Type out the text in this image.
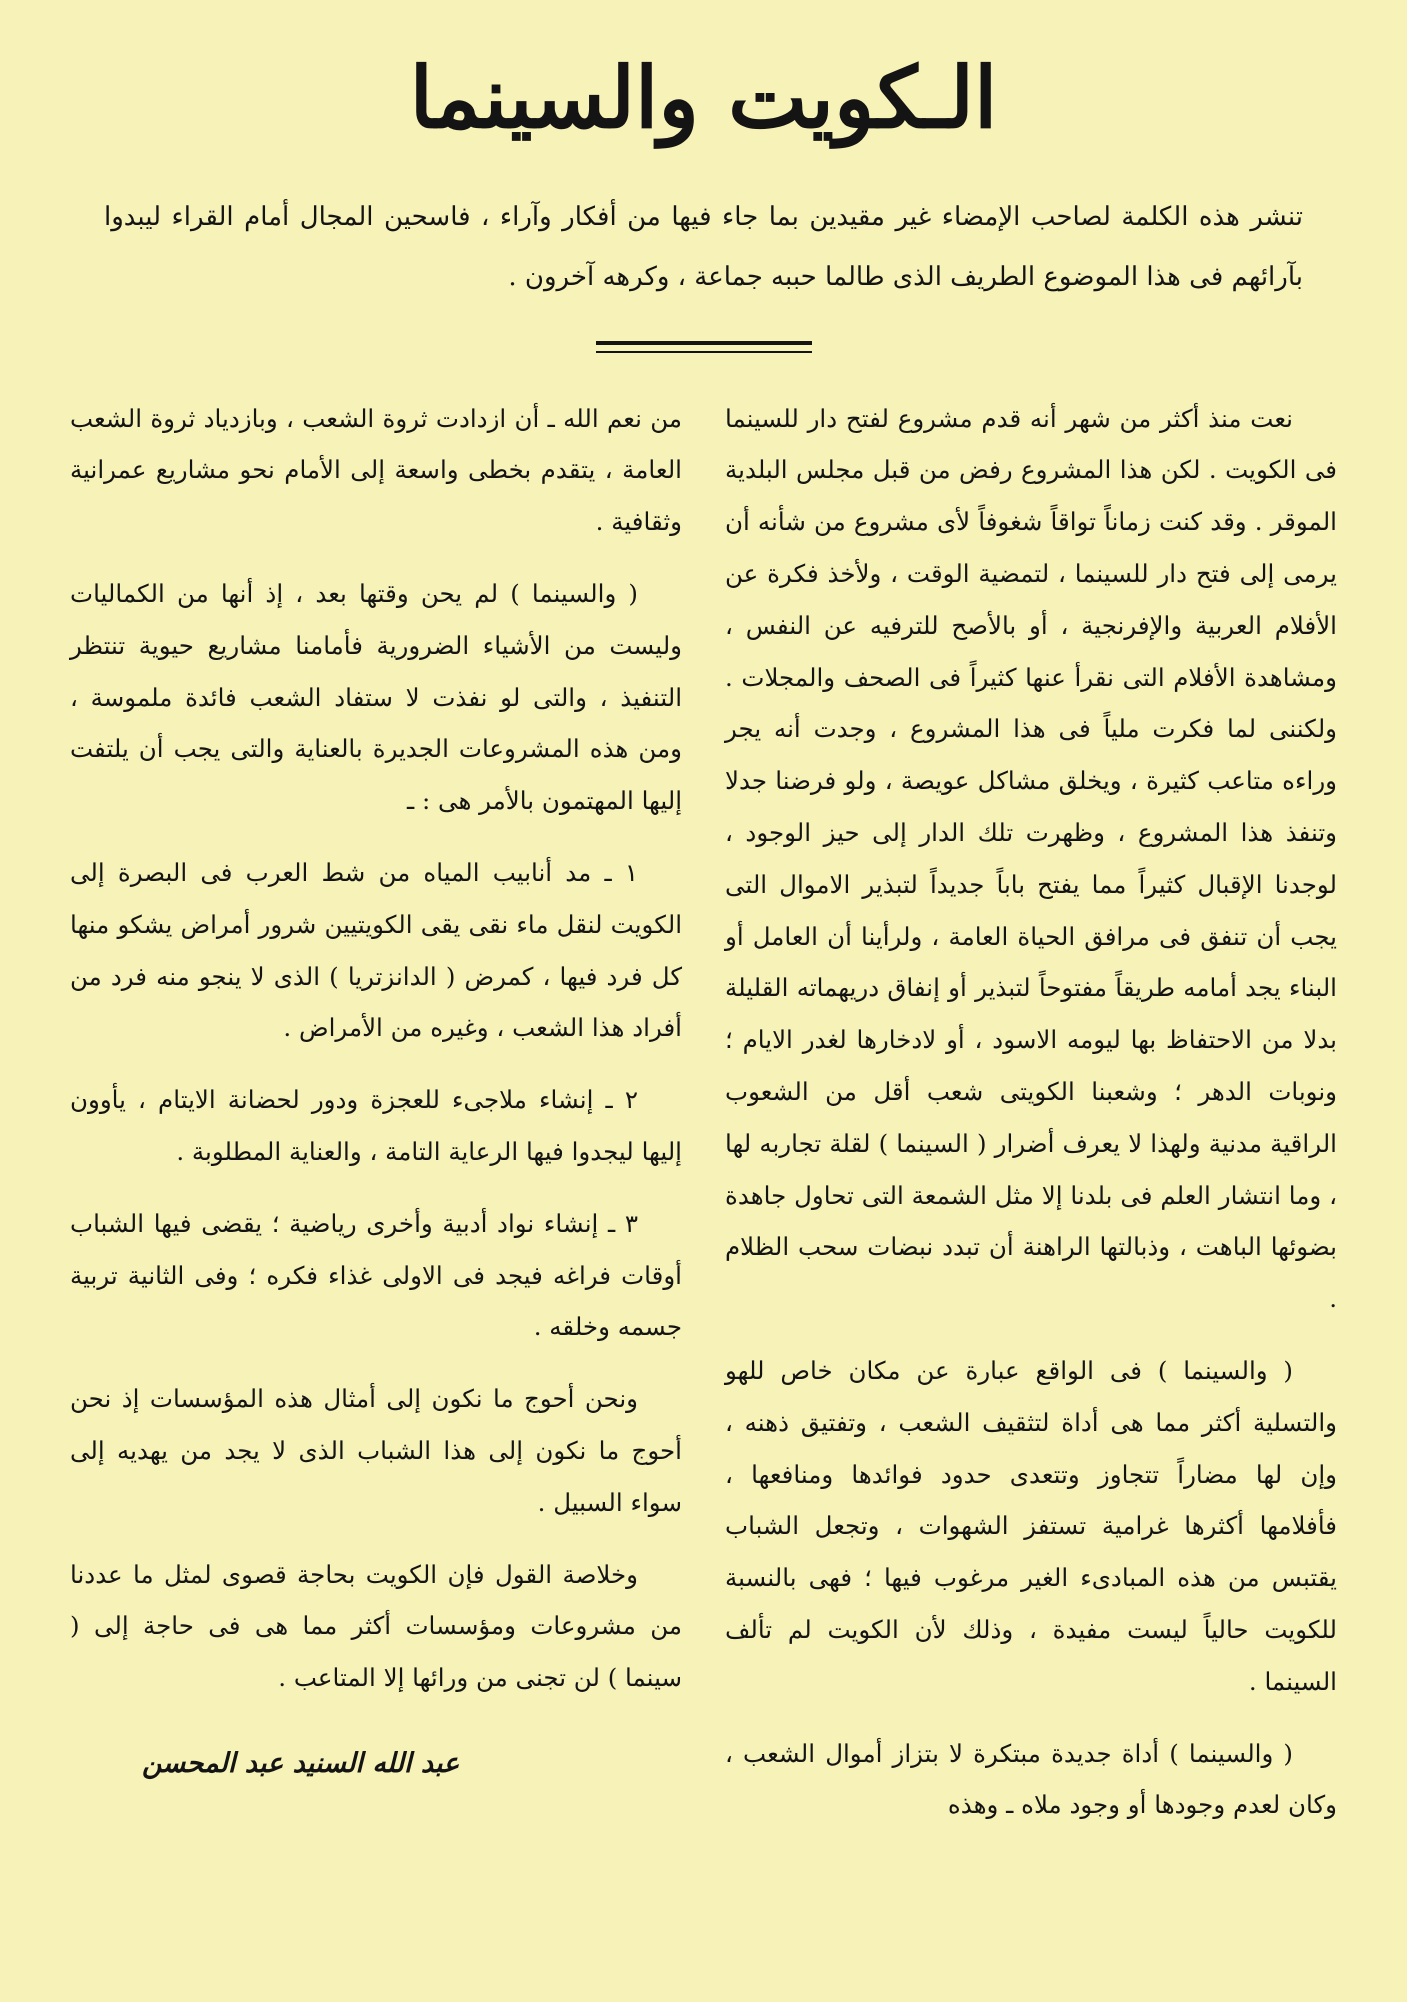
الـكويت والسينما

تنشر هذه الكلمة لصاحب الإمضاء غير مقيدين بما جاء فيها من أفكار وآراء ، فاسحين المجال أمام القراء ليبدوا بآرائهم فى هذا الموضوع الطريف الذى طالما حببه جماعة ، وكرهه آخرون .

نعت منذ أكثر من شهر أنه قدم مشروع لفتح دار للسينما فى الكويت . لكن هذا المشروع رفض من قبل مجلس البلدية الموقر . وقد كنت زماناً تواقاً شغوفاً لأى مشروع من شأنه أن يرمى إلى فتح دار للسينما ، لتمضية الوقت ، ولأخذ فكرة عن الأفلام العربية والإفرنجية ، أو بالأصح للترفيه عن النفس ، ومشاهدة الأفلام التى نقرأ عنها كثيراً فى الصحف والمجلات . ولكننى لما فكرت ملياً فى هذا المشروع ، وجدت أنه يجر وراءه متاعب كثيرة ، ويخلق مشاكل عويصة ، ولو فرضنا جدلا وتنفذ هذا المشروع ، وظهرت تلك الدار إلى حيز الوجود ، لوجدنا الإقبال كثيراً مما يفتح باباً جديداً لتبذير الاموال التى يجب أن تنفق فى مرافق الحياة العامة ، ولرأينا أن العامل أو البناء يجد أمامه طريقاً مفتوحاً لتبذير أو إنفاق دريهماته القليلة بدلا من الاحتفاظ بها ليومه الاسود ، أو لادخارها لغدر الايام ؛ ونوبات الدهر ؛ وشعبنا الكويتى شعب أقل من الشعوب الراقية مدنية ولهذا لا يعرف أضرار ( السينما ) لقلة تجاربه لها ، وما انتشار العلم فى بلدنا إلا مثل الشمعة التى تحاول جاهدة بضوئها الباهت ، وذبالتها الراهنة أن تبدد نبضات سحب الظلام .

( والسينما ) فى الواقع عبارة عن مكان خاص للهو والتسلية أكثر مما هى أداة لتثقيف الشعب ، وتفتيق ذهنه ، وإن لها مضاراً تتجاوز وتتعدى حدود فوائدها ومنافعها ، فأفلامها أكثرها غرامية تستفز الشهوات ، وتجعل الشباب يقتبس من هذه المبادىء الغير مرغوب فيها ؛ فهى بالنسبة للكويت حالياً ليست مفيدة ، وذلك لأن الكويت لم تألف السينما .

( والسينما ) أداة جديدة مبتكرة لا بتزاز أموال الشعب ، وكان لعدم وجودها أو وجود ملاه ـ وهذه

من نعم الله ـ أن ازدادت ثروة الشعب ، وبازدياد ثروة الشعب العامة ، يتقدم بخطى واسعة إلى الأمام نحو مشاريع عمرانية وثقافية .

( والسينما ) لم يحن وقتها بعد ، إذ أنها من الكماليات وليست من الأشياء الضرورية فأمامنا مشاريع حيوية تنتظر التنفيذ ، والتى لو نفذت لا ستفاد الشعب فائدة ملموسة ، ومن هذه المشروعات الجديرة بالعناية والتى يجب أن يلتفت إليها المهتمون بالأمر هى : ـ

١ ـ مد أنابيب المياه من شط العرب فى البصرة إلى الكويت لنقل ماء نقى يقى الكويتيين شرور أمراض يشكو منها كل فرد فيها ، كمرض ( الدانزتريا ) الذى لا ينجو منه فرد من أفراد هذا الشعب ، وغيره من الأمراض .

٢ ـ إنشاء ملاجىء للعجزة ودور لحضانة الايتام ، يأوون إليها ليجدوا فيها الرعاية التامة ، والعناية المطلوبة .

٣ ـ إنشاء نواد أدبية وأخرى رياضية ؛ يقضى فيها الشباب أوقات فراغه فيجد فى الاولى غذاء فكره ؛ وفى الثانية تربية جسمه وخلقه .

ونحن أحوج ما نكون إلى أمثال هذه المؤسسات إذ نحن أحوج ما نكون إلى هذا الشباب الذى لا يجد من يهديه إلى سواء السبيل .

وخلاصة القول فإن الكويت بحاجة قصوى لمثل ما عددنا من مشروعات ومؤسسات أكثر مما هى فى حاجة إلى ( سينما ) لن تجنى من ورائها إلا المتاعب .

عبد الله السنيد عبد المحسن
